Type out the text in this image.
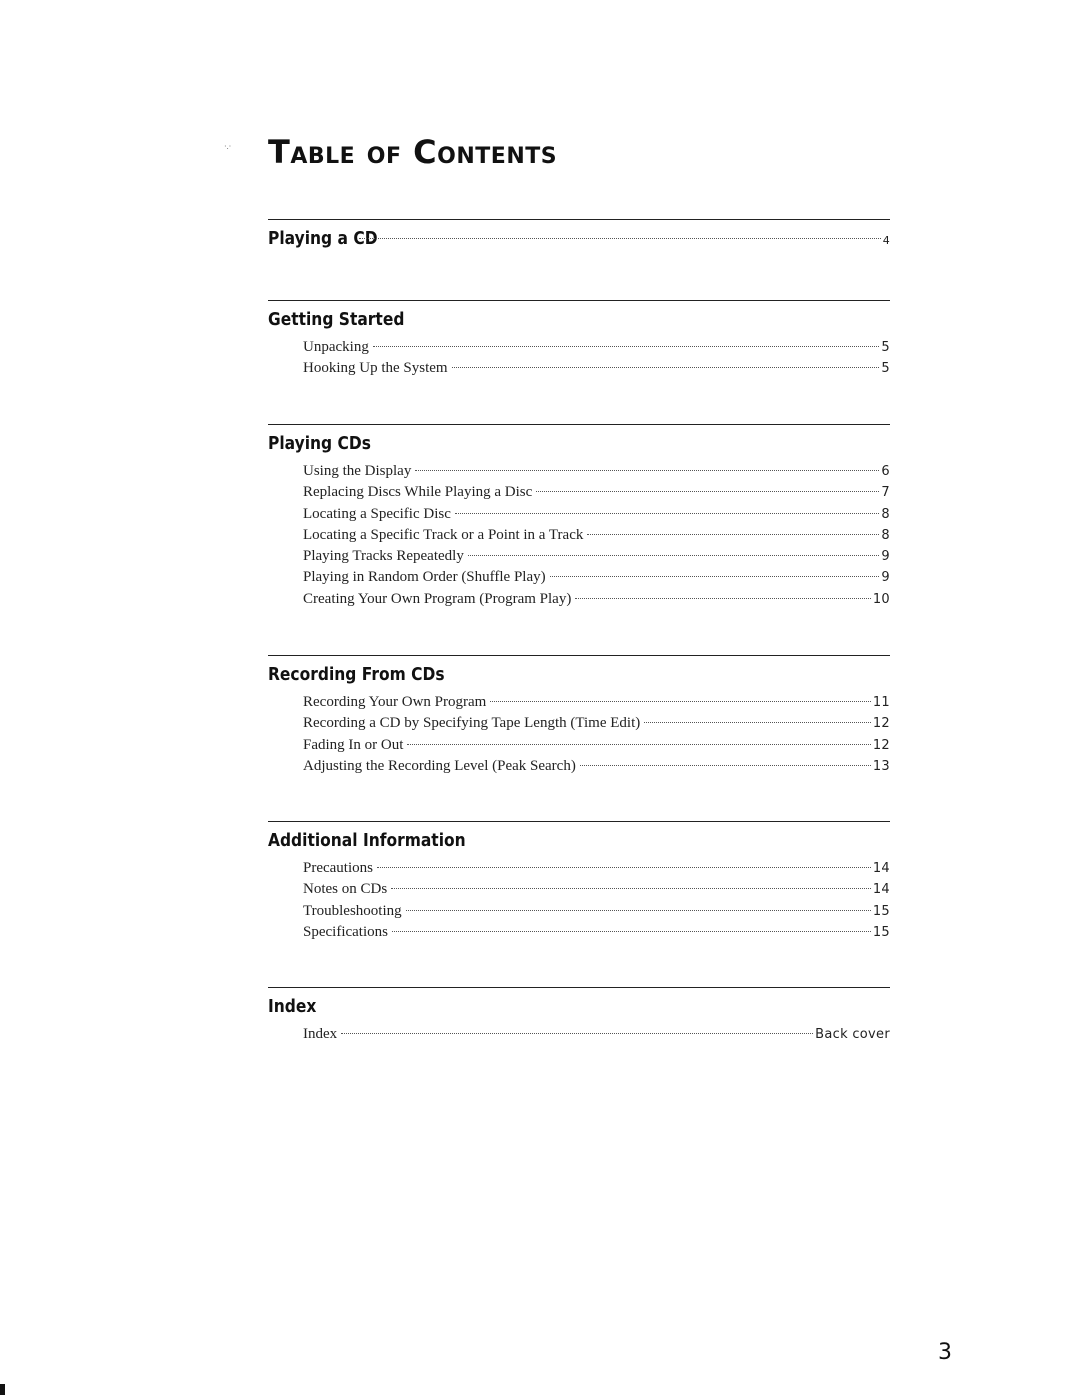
·.· Table of Contents
Playing a CD	4
Getting Started
Unpacking	5
Hooking Up the System	5
Playing CDs
Using the Display	6
Replacing Discs While Playing a Disc	7
Locating a Specific Disc	8
Locating a Specific Track or a Point in a Track	8
Playing Tracks Repeatedly	9
Playing in Random Order (Shuffle Play)	9
Creating Your Own Program (Program Play)	10
Recording From CDs
Recording Your Own Program	11
Recording a CD by Specifying Tape Length (Time Edit)	12
Fading In or Out	12
Adjusting the Recording Level (Peak Search)	13
Additional Information
Precautions	14
Notes on CDs	14
Troubleshooting	15
Specifications	15
Index
Index	Back cover

3
